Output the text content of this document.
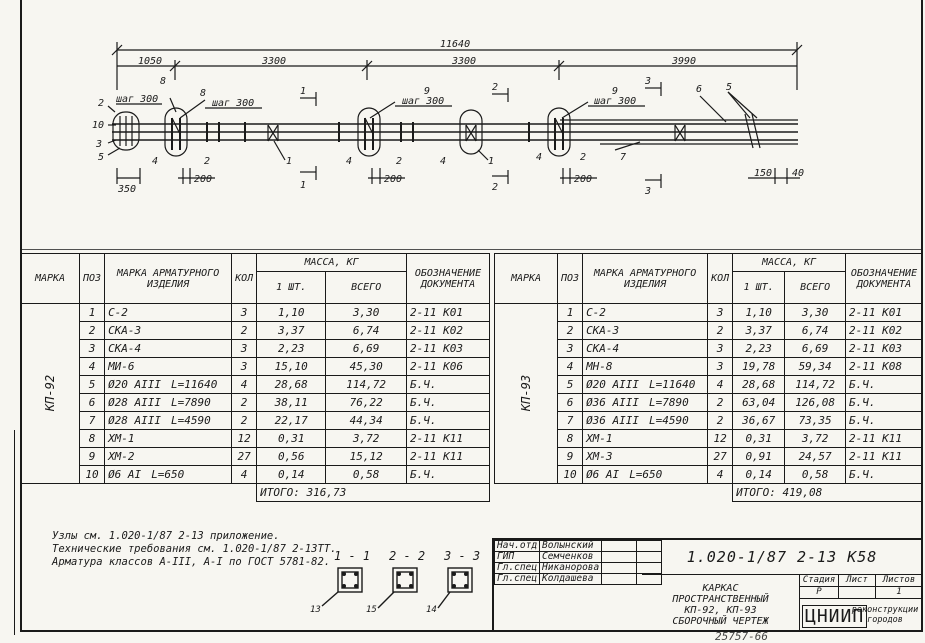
11640
1050	3300	3300	3990
шаг 300	шаг 300	шаг 300	шаг 300
350
200	200	200
150 40
1
1
2
2
3
3
2
10
3
5
8
8
4	2	1
9
4	2	4	1
9
4	2	7
6 5
МАРКА	ПОЗ	МАРКА АРМАТУРНОГО ИЗДЕЛИЯ	КОЛ	МАССА, КГ		ОБОЗНАЧЕНИЕ ДОКУМЕНТА
				1 ШТ.	ВСЕГО	
КП-92	1	С-2	3	1,10	3,30	2-11 К01
	2	СКА-3	2	3,37	6,74	2-11 К02
	3	СКА-4	3	2,23	6,69	2-11 К03
	4	МИ-6	3	15,10	45,30	2-11 К06
	5	Ø20 АIII L=11640	4	28,68	114,72	Б.Ч.
	6	Ø28 АIII L=7890	2	38,11	76,22	Б.Ч.
	7	Ø28 АIII L=4590	2	22,17	44,34	Б.Ч.
	8	ХМ-1	12	0,31	3,72	2-11 К11
	9	ХМ-2	27	0,56	15,12	2-11 К11
	10	Ø6 АI L=650	4	0,14	0,58	Б.Ч.
				ИТОГО: 316,73		
МАРКА	ПОЗ	МАРКА АРМАТУРНОГО ИЗДЕЛИЯ	КОЛ	МАССА, КГ		ОБОЗНАЧЕНИЕ ДОКУМЕНТА
				1 ШТ.	ВСЕГО	
КП-93	1	С-2	3	1,10	3,30	2-11 К01
	2	СКА-3	2	3,37	6,74	2-11 К02
	3	СКА-4	3	2,23	6,69	2-11 К03
	4	МН-8	3	19,78	59,34	2-11 К08
	5	Ø20 АIII L=11640	4	28,68	114,72	Б.Ч.
	6	Ø36 АIII L=7890	2	63,04	126,08	Б.Ч.
	7	Ø36 АIII L=4590	2	36,67	73,35	Б.Ч.
	8	ХМ-1	12	0,31	3,72	2-11 К11
	9	ХМ-3	27	0,91	24,57	2-11 К11
	10	Ø6 АI L=650	4	0,14	0,58	Б.Ч.
				ИТОГО: 419,08		
Узлы см. 1.020-1/87 2-13 приложение.
Технические требования см. 1.020-1/87 2-13ТТ.
Арматура классов А-III, А-I по ГОСТ 5781-82. 1 - 1 2 - 2 3 - 3
13	15	14
Нач.отд	Волынский		
ГИП	Семченков		
Гл.спец	Никанорова		
Гл.спец	Колдашева		
1.020-1/87 2-13 К58
КАРКАС
ПРОСТРАНСТВЕННЫЙ
КП-92, КП-93
СБОРОЧНЫЙ ЧЕРТЕЖ
Стадия	Лист	Листов
Р	1
ЦНИИП
реконструкции городов
25757-66
